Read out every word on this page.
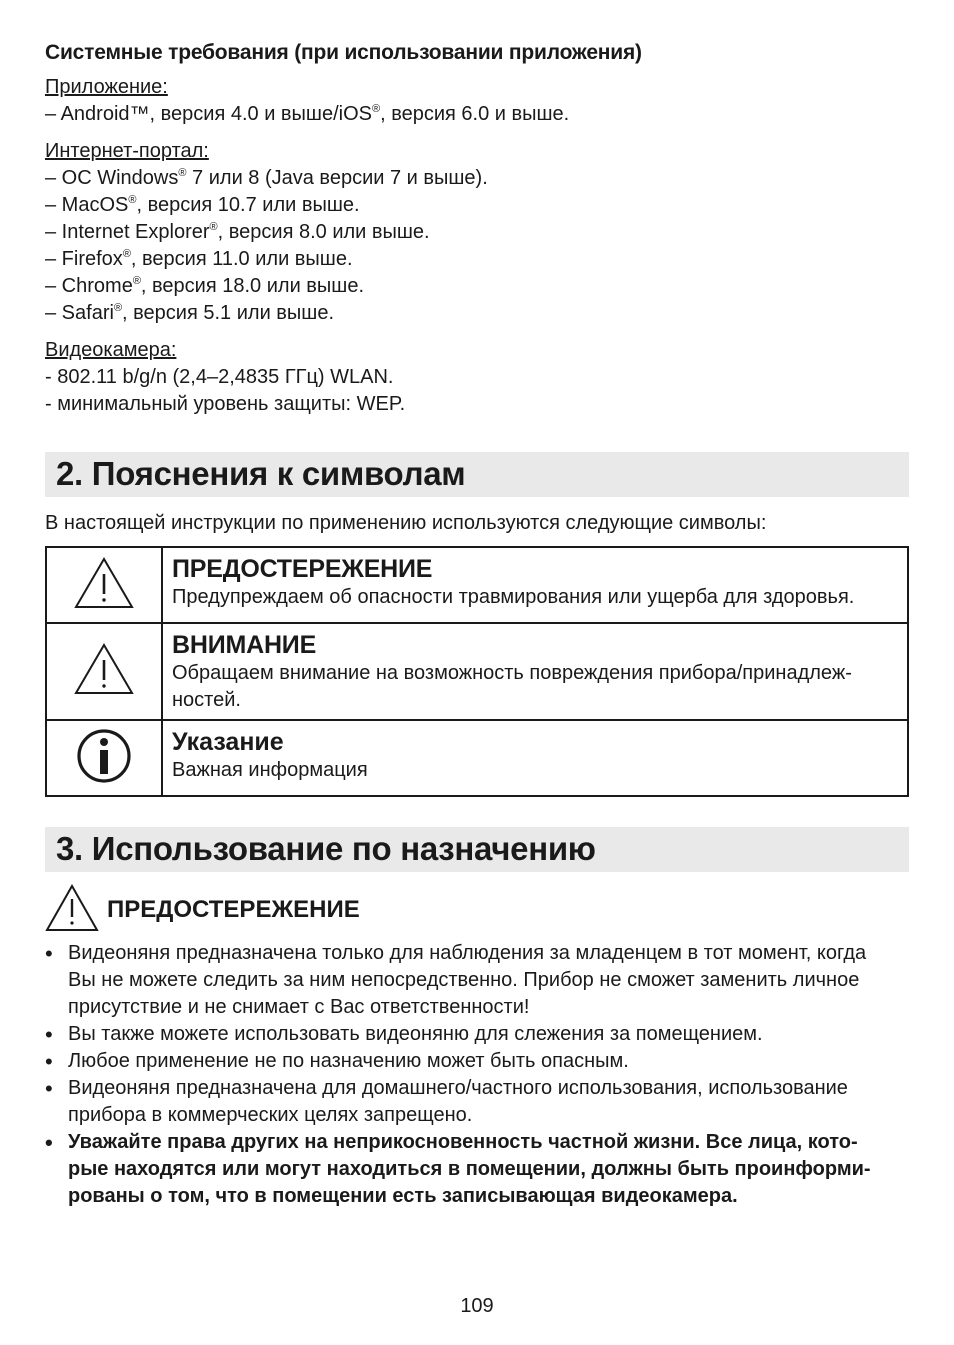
Системные требования (при использовании приложения)
Приложение:
– Android™, версия 4.0 и выше/iOS®, версия 6.0 и выше.
Интернет-портал:
– ОС Windows® 7 или 8 (Java версии 7 и выше).
– MacOS®, версия 10.7 или выше.
– Internet Explorer®, версия 8.0 или выше.
– Firefox®, версия 11.0 или выше.
– Chrome®, версия 18.0 или выше.
– Safari®, версия 5.1 или выше.
Видеокамера:
- 802.11 b/g/n (2,4–2,4835 ГГц) WLAN.
- минимальный уровень защиты: WEP.
2. Пояснения к символам
В настоящей инструкции по применению используются следующие символы:

ПРЕДОСТЕРЕЖЕНИЕ
Предупреждаем об опасности травмирования или ущерба для здоровья.

ВНИМАНИЕ
Обращаем внимание на возможность повреждения прибора/принадлеж-
ностей.

Указание
Важная информация
3. Использование по назначению
ПРЕДОСТЕРЕЖЕНИЕ
• Видеоняня предназначена только для наблюдения за младенцем в тот момент, когда
Вы не можете следить за ним непосредственно. Прибор не сможет заменить личное
присутствие и не снимает с Вас ответственности!
• Вы также можете использовать видеоняню для слежения за помещением.
• Любое применение не по назначению может быть опасным.
• Видеоняня предназначена для домашнего/частного использования, использование
прибора в коммерческих целях запрещено.
• Уважайте права других на неприкосновенность частной жизни. Все лица, кото-
рые находятся или могут находиться в помещении, должны быть проинформи-
рованы о том, что в помещении есть записывающая видеокамера.
109
